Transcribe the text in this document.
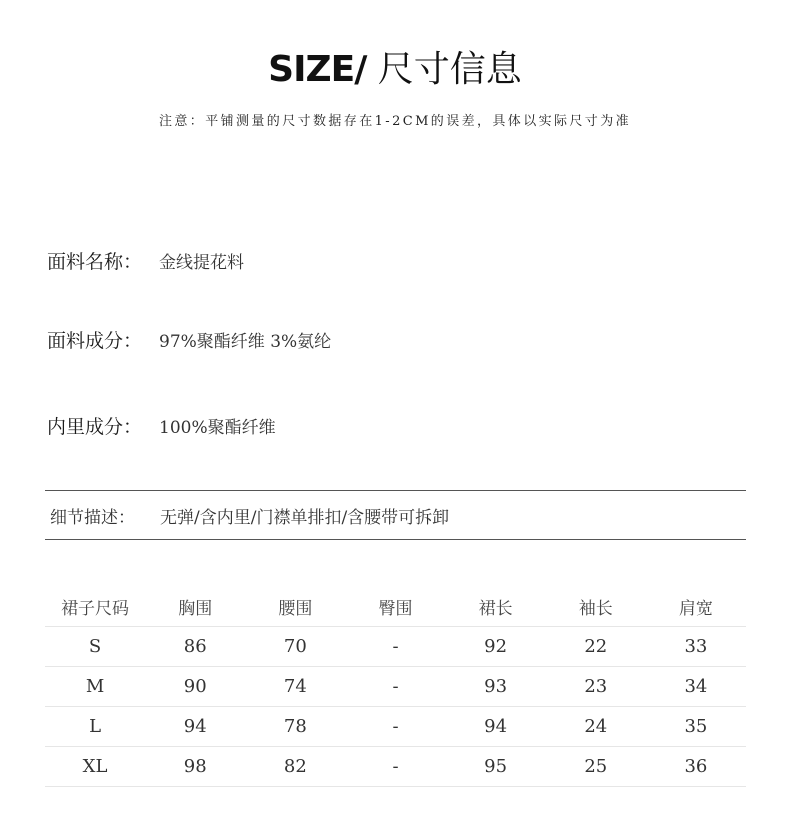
SIZE/ 尺寸信息
注意：平铺测量的尺寸数据存在1-2CM的误差，具体以实际尺寸为准
面料名称： 金线提花料
面料成分： 97%聚酯纤维 3%氨纶
内里成分： 100%聚酯纤维
细节描述：	无弹/含内里/门襟单排扣/含腰带可拆卸
裙子尺码	胸围	腰围	臀围	裙长	袖长	肩宽
S	86	70	-	92	22	33
M	90	74	-	93	23	34
L	94	78	-	94	24	35
XL	98	82	-	95	25	36
